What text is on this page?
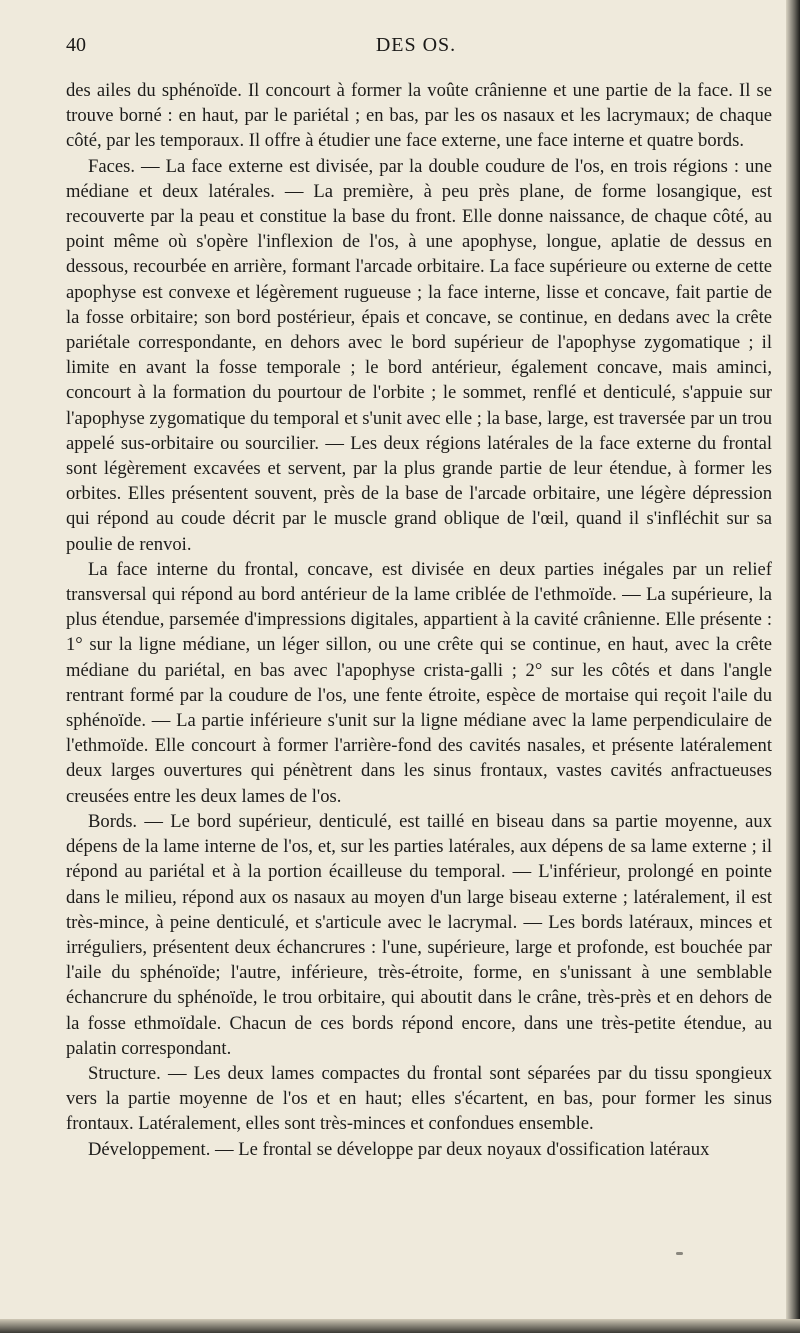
40	DES OS.

des ailes du sphénoïde. Il concourt à former la voûte crânienne et une partie de la face. Il se trouve borné : en haut, par le pariétal ; en bas, par les os nasaux et les lacrymaux; de chaque côté, par les temporaux. Il offre à étudier une face externe, une face interne et quatre bords.

Faces. — La face externe est divisée, par la double coudure de l'os, en trois régions : une médiane et deux latérales. — La première, à peu près plane, de forme losangique, est recouverte par la peau et constitue la base du front. Elle donne naissance, de chaque côté, au point même où s'opère l'inflexion de l'os, à une apophyse, longue, aplatie de dessus en dessous, recourbée en arrière, formant l'arcade orbitaire. La face supérieure ou externe de cette apophyse est convexe et légèrement rugueuse ; la face interne, lisse et concave, fait partie de la fosse orbitaire; son bord postérieur, épais et concave, se continue, en dedans avec la crête pariétale correspondante, en dehors avec le bord supérieur de l'apophyse zygomatique ; il limite en avant la fosse temporale ; le bord antérieur, également concave, mais aminci, concourt à la formation du pourtour de l'orbite ; le sommet, renflé et denticulé, s'appuie sur l'apophyse zygomatique du temporal et s'unit avec elle ; la base, large, est traversée par un trou appelé sus-orbitaire ou sourcilier. — Les deux régions latérales de la face externe du frontal sont légèrement excavées et servent, par la plus grande partie de leur étendue, à former les orbites. Elles présentent souvent, près de la base de l'arcade orbitaire, une légère dépression qui répond au coude décrit par le muscle grand oblique de l'œil, quand il s'infléchit sur sa poulie de renvoi.

La face interne du frontal, concave, est divisée en deux parties inégales par un relief transversal qui répond au bord antérieur de la lame criblée de l'ethmoïde. — La supérieure, la plus étendue, parsemée d'impressions digitales, appartient à la cavité crânienne. Elle présente : 1° sur la ligne médiane, un léger sillon, ou une crête qui se continue, en haut, avec la crête médiane du pariétal, en bas avec l'apophyse crista-galli ; 2° sur les côtés et dans l'angle rentrant formé par la coudure de l'os, une fente étroite, espèce de mortaise qui reçoit l'aile du sphénoïde. — La partie inférieure s'unit sur la ligne médiane avec la lame perpendiculaire de l'ethmoïde. Elle concourt à former l'arrière-fond des cavités nasales, et présente latéralement deux larges ouvertures qui pénètrent dans les sinus frontaux, vastes cavités anfractueuses creusées entre les deux lames de l'os.

Bords. — Le bord supérieur, denticulé, est taillé en biseau dans sa partie moyenne, aux dépens de la lame interne de l'os, et, sur les parties latérales, aux dépens de sa lame externe ; il répond au pariétal et à la portion écailleuse du temporal. — L'inférieur, prolongé en pointe dans le milieu, répond aux os nasaux au moyen d'un large biseau externe ; latéralement, il est très-mince, à peine denticulé, et s'articule avec le lacrymal. — Les bords latéraux, minces et irréguliers, présentent deux échancrures : l'une, supérieure, large et profonde, est bouchée par l'aile du sphénoïde; l'autre, inférieure, très-étroite, forme, en s'unissant à une semblable échancrure du sphénoïde, le trou orbitaire, qui aboutit dans le crâne, très-près et en dehors de la fosse ethmoïdale. Chacun de ces bords répond encore, dans une très-petite étendue, au palatin correspondant.

Structure. — Les deux lames compactes du frontal sont séparées par du tissu spongieux vers la partie moyenne de l'os et en haut; elles s'écartent, en bas, pour former les sinus frontaux. Latéralement, elles sont très-minces et confondues ensemble.

Développement. — Le frontal se développe par deux noyaux d'ossification latéraux
